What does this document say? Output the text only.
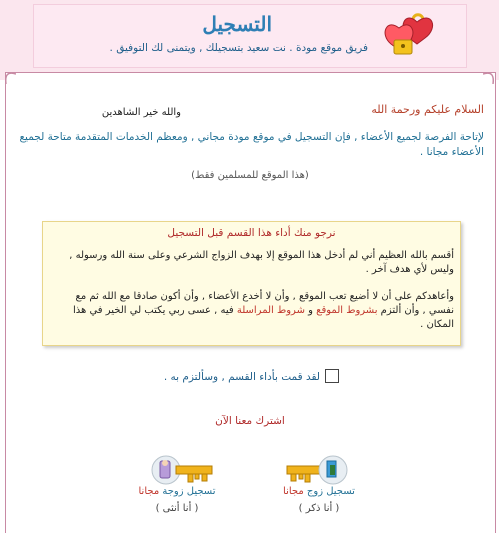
التسجيل
فريق موقع مودة . نت سعيد بتسجيلك , ويتمنى لك التوفيق .
السلام عليكم ورحمة الله
لإتاحة الفرصة لجميع الأعضاء , فإن التسجيل في موقع مودة مجاني , ومعظم الخدمات المتقدمة متاحة لجميع الأعضاء مجانا .
(هذا الموقع للمسلمين فقط)
نرجو منك أداء هذا القسم قبل التسجيل
أقسم بالله العظيم أني لم أدخل هذا الموقع إلا بهدف الزواج الشرعي وعلى سنة الله ورسوله , وليس لأي هدف آخر .
وأعاهدكم على أن لا أضيع تعب الموقع , وأن لا أخدع الأعضاء , وأن أكون صادقا مع الله ثم مع نفسي , وأن ألتزم بشروط الموقع و شروط المراسلة فيه , عسى ربي يكتب لي الخير في هذا المكان .
والله خير الشاهدين
لقد قمت بأداء القسم , وسألتزم به .
اشترك معنا الآن
تسجيل زوج مجانا
( أنا ذكر )
تسجيل زوجة مجانا
( أنا أنثى )
